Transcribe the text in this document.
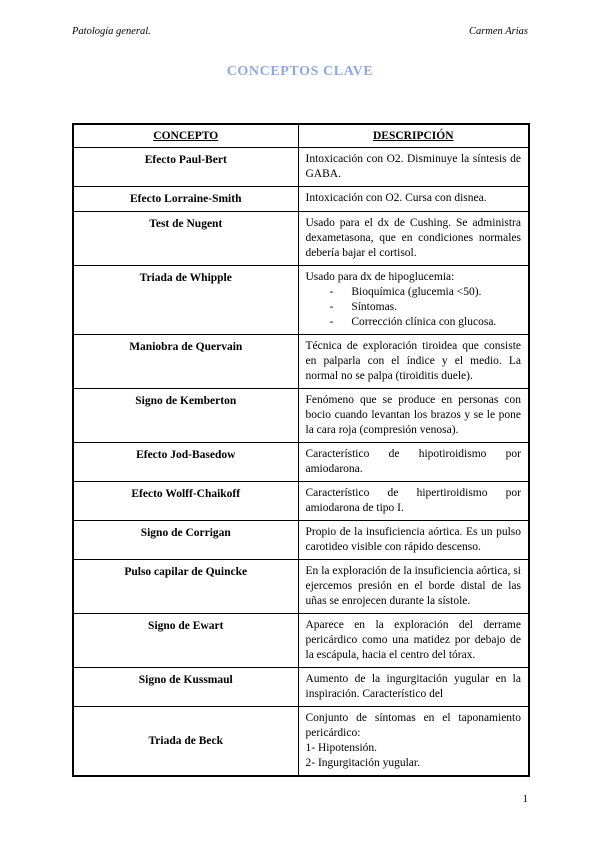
Patología general.	Carmen Arias
CONCEPTOS CLAVE
CONCEPTO	DESCRIPCIÓN
Efecto Paul-Bert	Intoxicación con O2. Disminuye la síntesis de GABA.

Efecto Lorraine-Smith	Intoxicación con O2. Cursa con disnea.

Test de Nugent	Usado para el dx de Cushing. Se administra dexametasona, que en condiciones normales debería bajar el cortisol.

Triada de Whipple	Usado para dx de hipoglucemia:
- Bioquímica (glucemia <50).
- Síntomas.
- Corrección clínica con glucosa.

Maniobra de Quervain	Técnica de exploración tiroidea que consiste en palparla con el índice y el medio. La normal no se palpa (tiroiditis duele).

Signo de Kemberton	Fenómeno que se produce en personas con bocio cuando levantan los brazos y se le pone la cara roja (compresión venosa).

Efecto Jod-Basedow	Característico de hipotiroidismo por amiodarona.

Efecto Wolff-Chaikoff	Característico de hipertiroidismo por amiodarona de tipo I.

Signo de Corrigan	Propio de la insuficiencia aórtica. Es un pulso carotideo visible con rápido descenso.

Pulso capilar de Quincke	En la exploración de la insuficiencia aórtica, si ejercemos presión en el borde distal de las uñas se enrojecen durante la sístole.

Signo de Ewart	Aparece en la exploración del derrame pericárdico como una matidez por debajo de la escápula, hacia el centro del tórax.

Signo de Kussmaul	Aumento de la ingurgitación yugular en la inspiración. Característico del

Triada de Beck	Conjunto de síntomas en el taponamiento pericárdico:
1- Hipotensión.
2- Ingurgitación yugular.
1
